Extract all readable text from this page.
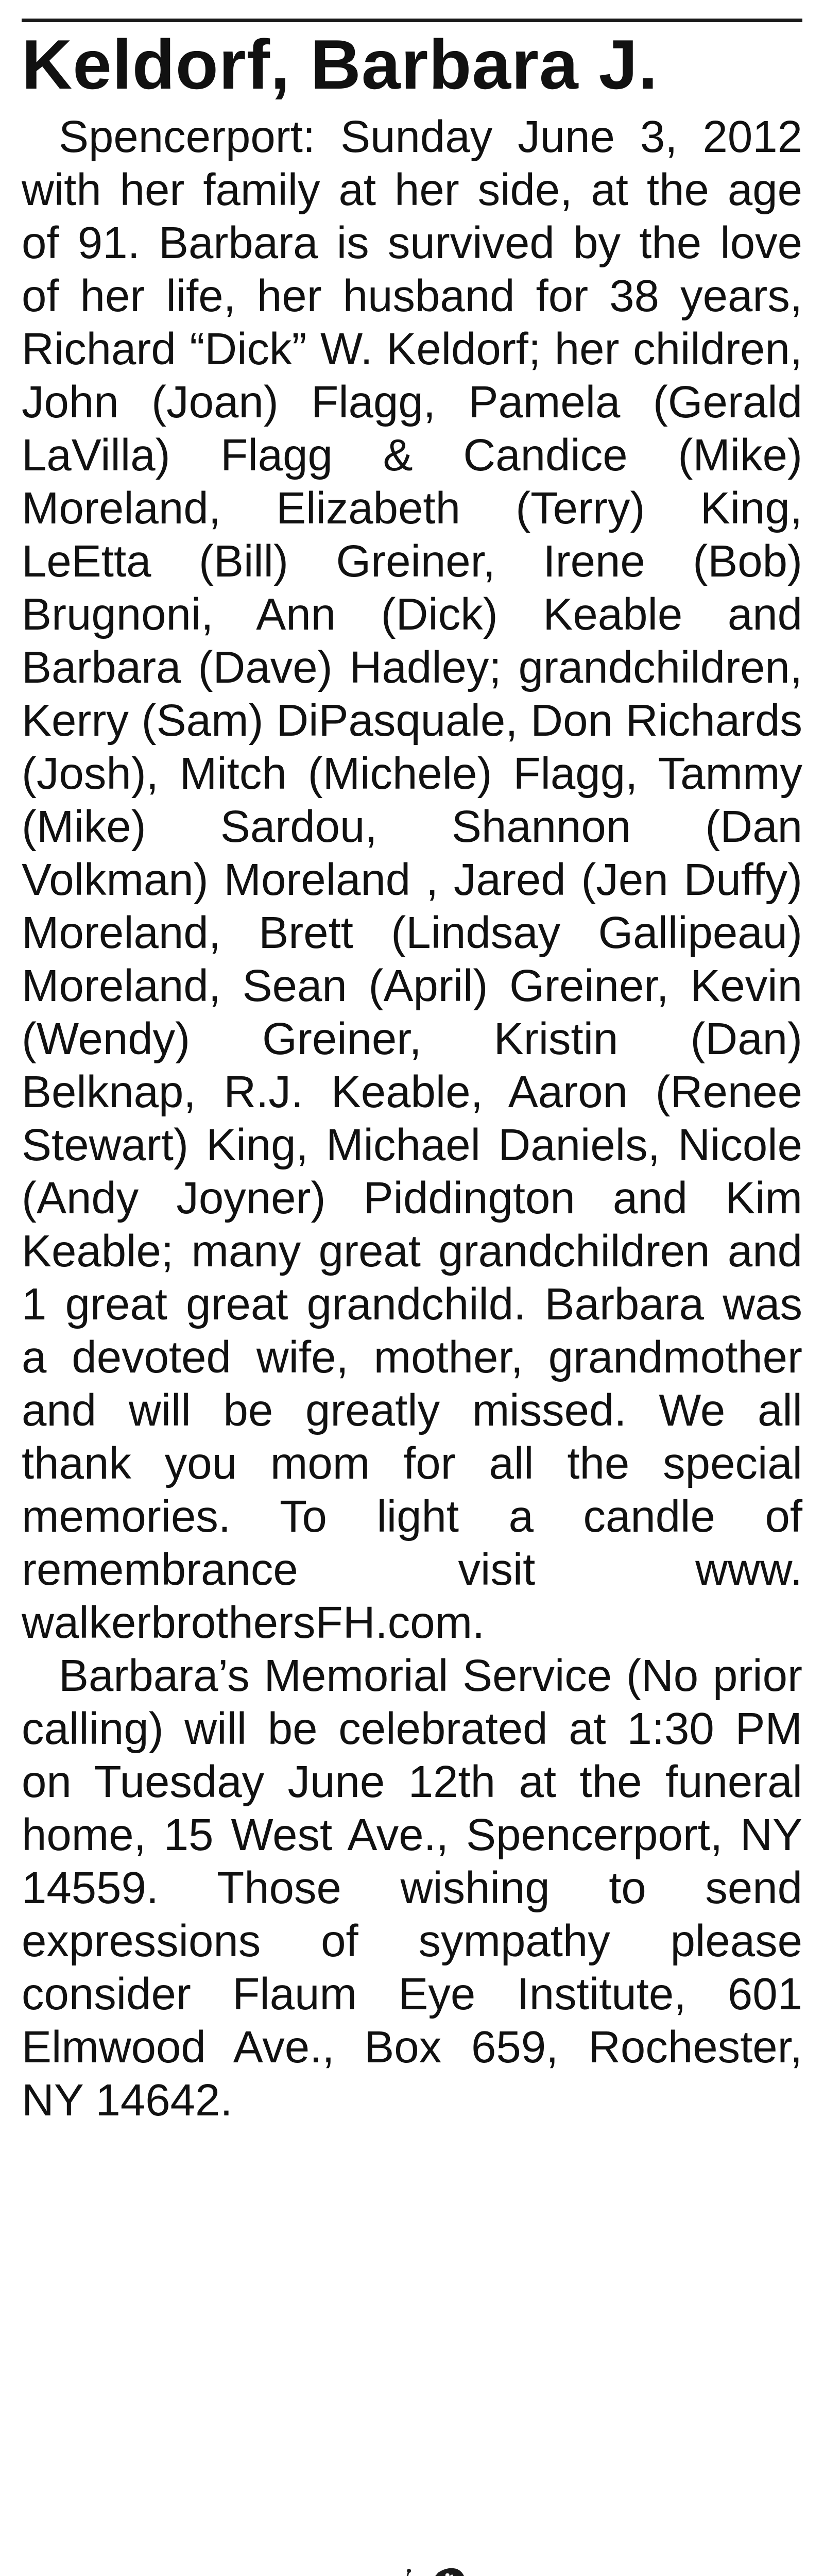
Keldorf, Barbara J.

Spencerport: Sunday June 3, 2012 with her family at her side, at the age of 91. Barbara is survived by the love of her life, her husband for 38 years, Richard “Dick” W. Keldorf; her children, John (Joan) Flagg, Pamela (Gerald LaVilla) Flagg & Candice (Mike) Moreland, Elizabeth (Terry) King, LeEtta (Bill) Greiner, Irene (Bob) Brugnoni, Ann (Dick) Keable and Barbara (Dave) Hadley; grandchildren, Kerry (Sam) DiPasquale, Don Richards (Josh), Mitch (Michele) Flagg, Tammy (Mike) Sardou, Shannon (Dan Volkman) Moreland , Jared (Jen Duffy) Moreland, Brett (Lindsay Gallipeau) Moreland, Sean (April) Greiner, Kevin (Wendy) Greiner, Kristin (Dan) Belknap, R.J. Keable, Aaron (Renee Stewart) King, Michael Daniels, Nicole (Andy Joyner) Piddington and Kim Keable; many great grandchildren and 1 great great grandchild. Barbara was a devoted wife, mother, grandmother and will be greatly missed. We all thank you mom for all the special memories. To light a candle of remembrance visit www.​walkerbrothersFH.com.

Barbara’s Memorial Service (No prior calling) will be celebrated at 1:30 PM on Tuesday June 12th at the funeral home, 15 West Ave., Spencerport, NY 14559. Those wishing to send expressions of sympathy please consider Flaum Eye Institute, 601 Elmwood Ave., Box 659, Rochester, NY 14642.
